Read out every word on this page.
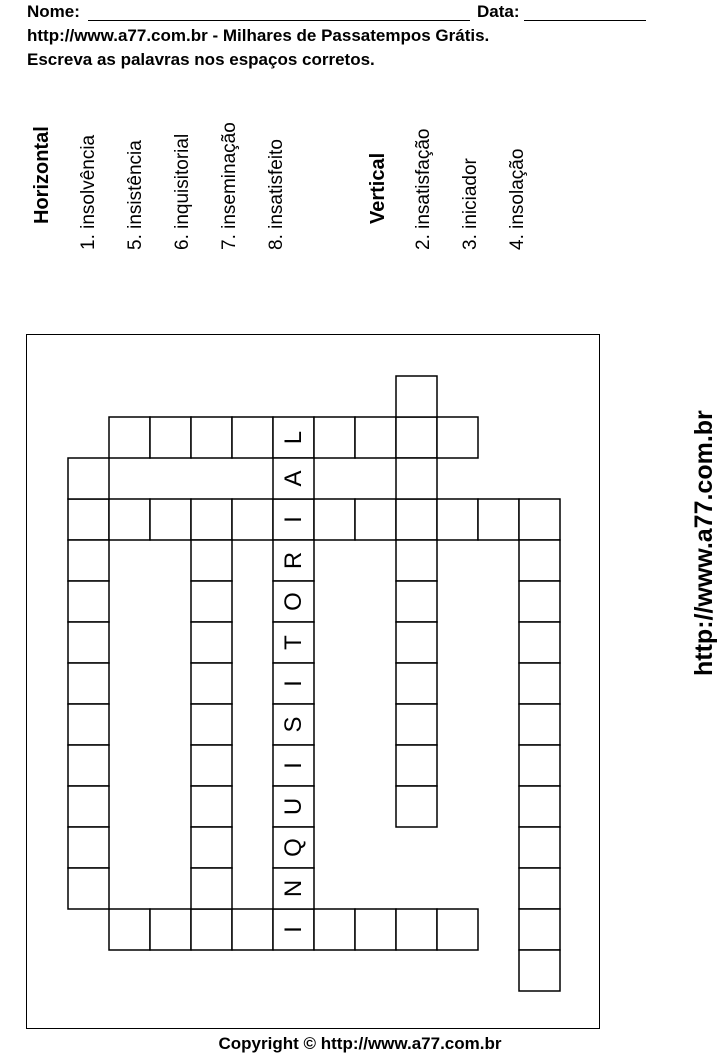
Nome:	Data:
http://www.a77.com.br - Milhares de Passatempos Grátis.
Escreva as palavras nos espaços corretos.
Horizontal 1. insolvência 5. insistência 6. inquisitorial 7. inseminação 8. insatisfeito	Vertical 2. insatisfação 3. iniciador 4. insolação
I
N
Q
U
I
S
I
T
O
R
I
A
L	http://www.a77.com.br
Copyright © http://www.a77.com.br
